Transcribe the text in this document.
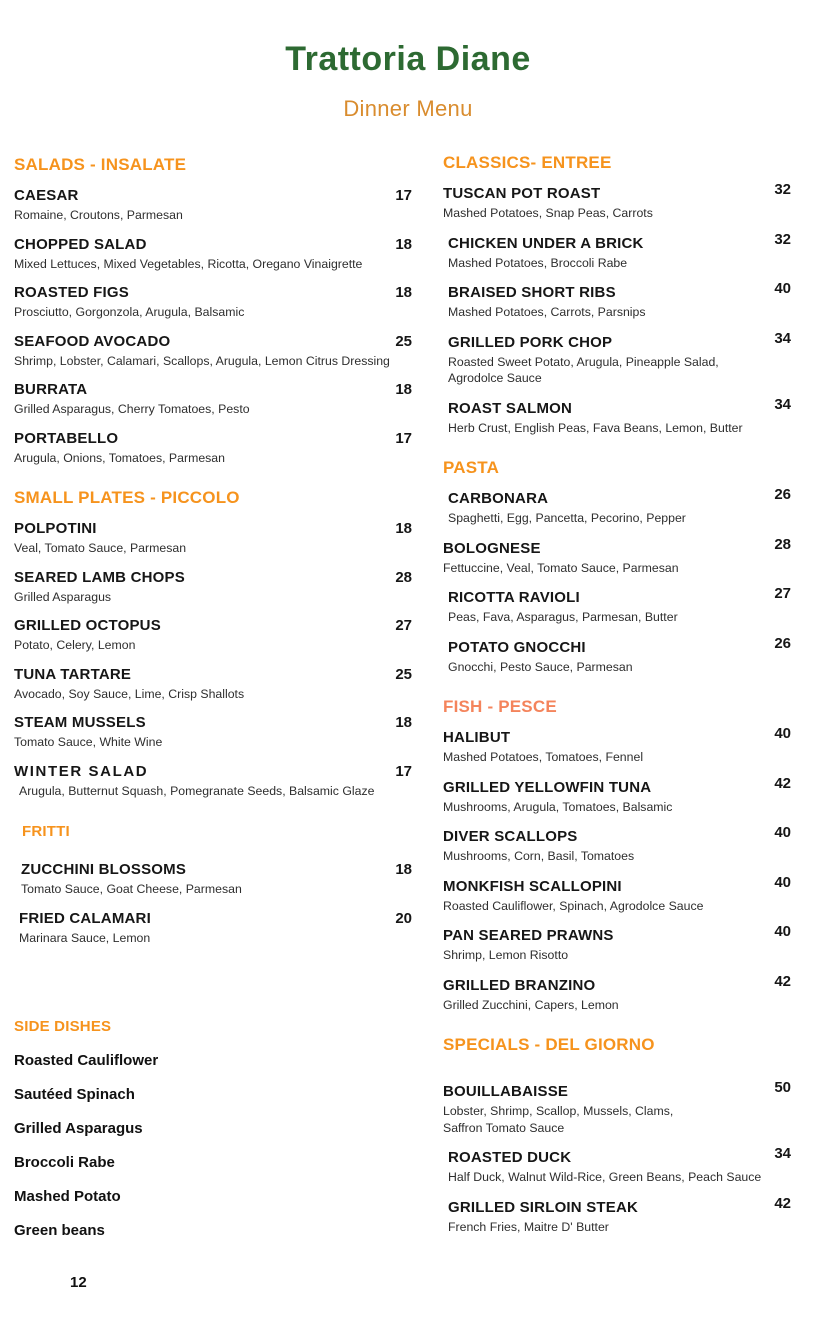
Trattoria Diane
Dinner Menu
SALADS - INSALATE
CAESAR	17
Romaine, Croutons, Parmesan
CHOPPED SALAD	18
Mixed Lettuces, Mixed Vegetables, Ricotta, Oregano Vinaigrette
ROASTED FIGS	18
Prosciutto, Gorgonzola, Arugula, Balsamic
SEAFOOD AVOCADO	25
Shrimp, Lobster, Calamari, Scallops, Arugula, Lemon Citrus Dressing
BURRATA	18
Grilled Asparagus, Cherry Tomatoes, Pesto
PORTABELLO	17
Arugula, Onions, Tomatoes, Parmesan
SMALL PLATES - PICCOLO
POLPOTINI	18
Veal, Tomato Sauce, Parmesan
SEARED LAMB CHOPS	28
Grilled Asparagus
GRILLED OCTOPUS	27
Potato, Celery, Lemon
TUNA TARTARE	25
Avocado, Soy Sauce, Lime, Crisp Shallots
STEAM MUSSELS	18
Tomato Sauce, White Wine
WINTER SALAD	17
Arugula, Butternut Squash, Pomegranate Seeds, Balsamic Glaze
FRITTI
ZUCCHINI BLOSSOMS	18
Tomato Sauce, Goat Cheese, Parmesan
FRIED CALAMARI	20
Marinara Sauce, Lemon
SIDE DISHES
Roasted Cauliflower
Sautéed Spinach
Grilled Asparagus
Broccoli Rabe
Mashed Potato
Green beans
12
CLASSICS- ENTREE
TUSCAN POT ROAST	32
Mashed Potatoes, Snap Peas, Carrots
CHICKEN UNDER A BRICK	32
Mashed Potatoes, Broccoli Rabe
BRAISED SHORT RIBS	40
Mashed Potatoes, Carrots, Parsnips
GRILLED PORK CHOP	34
Roasted Sweet Potato, Arugula, Pineapple Salad, Agrodolce Sauce
ROAST SALMON	34
Herb Crust, English Peas, Fava Beans, Lemon, Butter
PASTA
CARBONARA	26
Spaghetti, Egg, Pancetta, Pecorino, Pepper
BOLOGNESE	28
Fettuccine, Veal, Tomato Sauce, Parmesan
RICOTTA RAVIOLI	27
Peas, Fava, Asparagus, Parmesan, Butter
POTATO GNOCCHI	26
Gnocchi, Pesto Sauce, Parmesan
FISH - PESCE
HALIBUT	40
Mashed Potatoes, Tomatoes, Fennel
GRILLED YELLOWFIN TUNA	42
Mushrooms, Arugula, Tomatoes, Balsamic
DIVER SCALLOPS	40
Mushrooms, Corn, Basil, Tomatoes
MONKFISH SCALLOPINI	40
Roasted Cauliflower, Spinach, Agrodolce Sauce
PAN SEARED PRAWNS	40
Shrimp, Lemon Risotto
GRILLED BRANZINO	42
Grilled Zucchini, Capers, Lemon
SPECIALS - DEL GIORNO
BOUILLABAISSE	50
Lobster, Shrimp, Scallop, Mussels, Clams, Saffron Tomato Sauce
ROASTED DUCK	34
Half Duck, Walnut Wild-Rice, Green Beans, Peach Sauce
GRILLED SIRLOIN STEAK	42
French Fries, Maitre D' Butter
